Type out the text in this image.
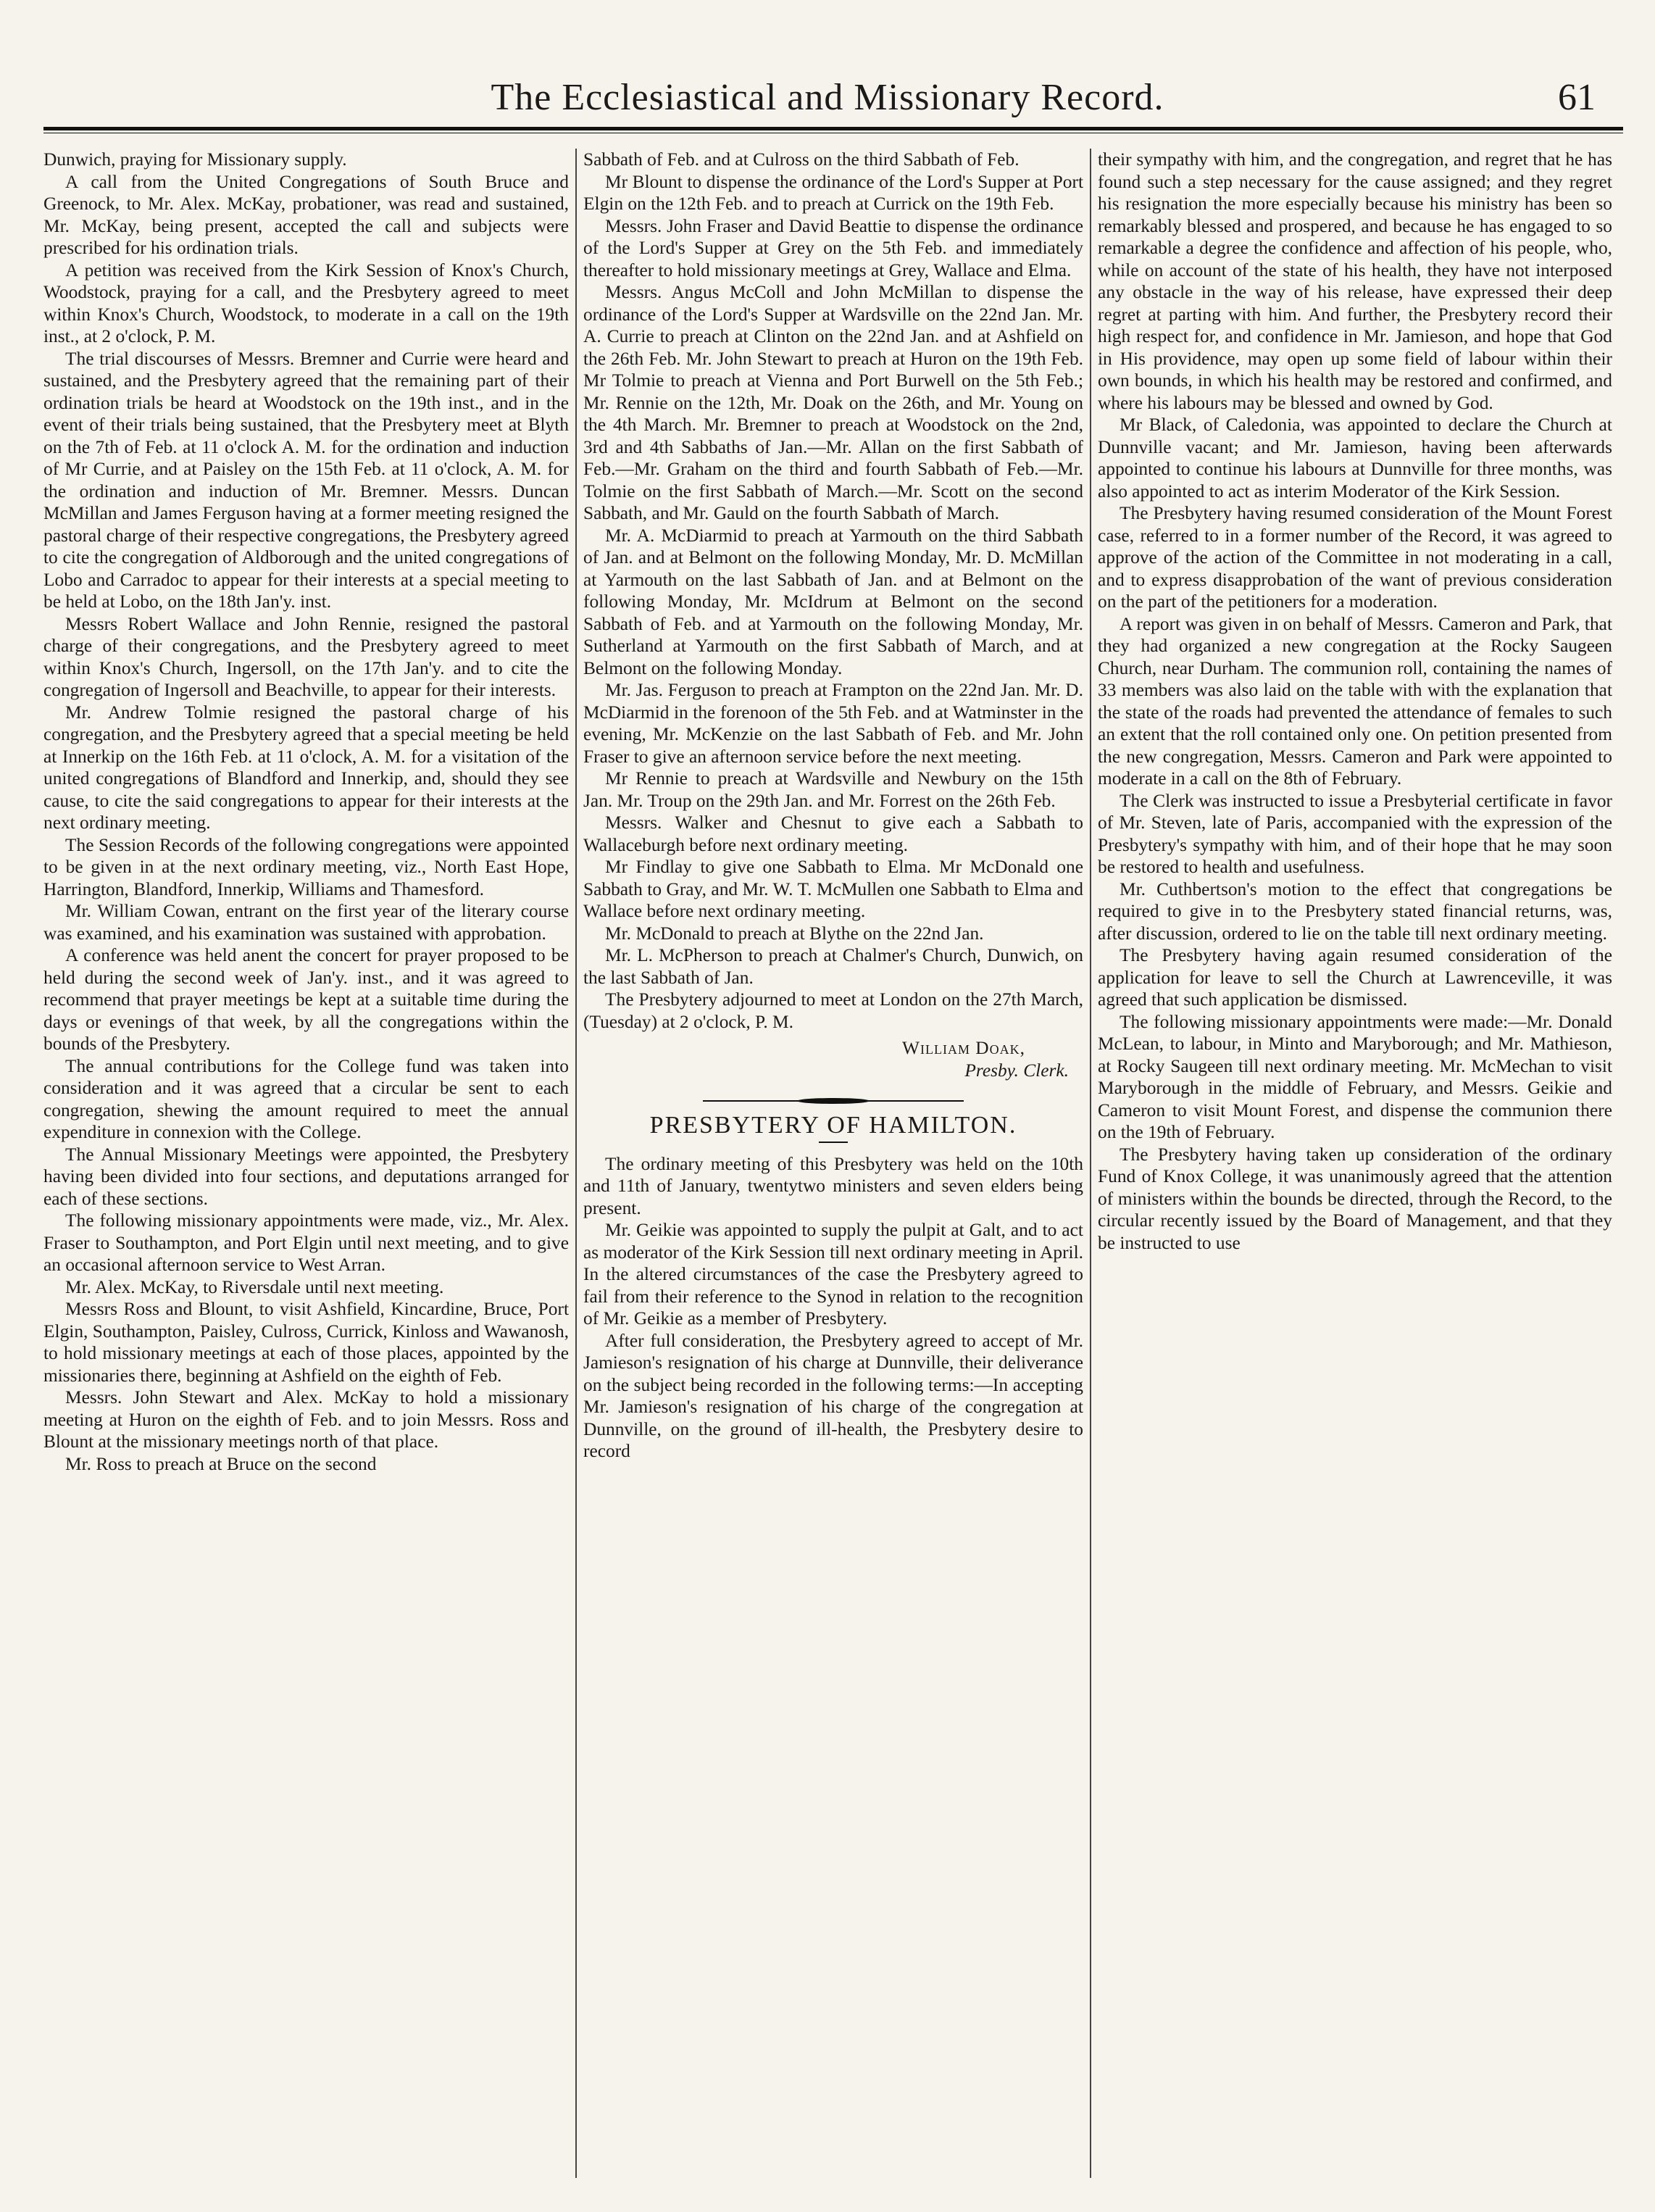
The Ecclesiastical and Missionary Record.	61

Dunwich, praying for Missionary supply.

A call from the United Congregations of South Bruce and Greenock, to Mr. Alex. McKay, probationer, was read and sustained, Mr. McKay, being present, accepted the call and subjects were prescribed for his ordination trials.

A petition was received from the Kirk Session of Knox's Church, Woodstock, praying for a call, and the Presbytery agreed to meet within Knox's Church, Woodstock, to moderate in a call on the 19th inst., at 2 o'clock, P. M.

The trial discourses of Messrs. Bremner and Currie were heard and sustained, and the Presbytery agreed that the remaining part of their ordination trials be heard at Woodstock on the 19th inst., and in the event of their trials being sustained, that the Presbytery meet at Blyth on the 7th of Feb. at 11 o'clock A. M. for the ordination and induction of Mr Currie, and at Paisley on the 15th Feb. at 11 o'clock, A. M. for the ordination and induction of Mr. Bremner. Messrs. Duncan McMillan and James Ferguson having at a former meeting resigned the pastoral charge of their respective congregations, the Presbytery agreed to cite the congregation of Aldborough and the united congregations of Lobo and Carradoc to appear for their interests at a special meeting to be held at Lobo, on the 18th Jan'y. inst.

Messrs Robert Wallace and John Rennie, resigned the pastoral charge of their congregations, and the Presbytery agreed to meet within Knox's Church, Ingersoll, on the 17th Jan'y. and to cite the congregation of Ingersoll and Beachville, to appear for their interests.

Mr. Andrew Tolmie resigned the pastoral charge of his congregation, and the Presbytery agreed that a special meeting be held at Innerkip on the 16th Feb. at 11 o'clock, A. M. for a visitation of the united congregations of Blandford and Innerkip, and, should they see cause, to cite the said congregations to appear for their interests at the next ordinary meeting.

The Session Records of the following congregations were appointed to be given in at the next ordinary meeting, viz., North East Hope, Harrington, Blandford, Innerkip, Williams and Thamesford.

Mr. William Cowan, entrant on the first year of the literary course was examined, and his examination was sustained with approbation.

A conference was held anent the concert for prayer proposed to be held during the second week of Jan'y. inst., and it was agreed to recommend that prayer meetings be kept at a suitable time during the days or evenings of that week, by all the congregations within the bounds of the Presbytery.

The annual contributions for the College fund was taken into consideration and it was agreed that a circular be sent to each congregation, shewing the amount required to meet the annual expenditure in connexion with the College.

The Annual Missionary Meetings were appointed, the Presbytery having been divided into four sections, and deputations arranged for each of these sections.

The following missionary appointments were made, viz., Mr. Alex. Fraser to Southampton, and Port Elgin until next meeting, and to give an occasional afternoon service to West Arran.

Mr. Alex. McKay, to Riversdale until next meeting.

Messrs Ross and Blount, to visit Ashfield, Kincardine, Bruce, Port Elgin, Southampton, Paisley, Culross, Currick, Kinloss and Wawanosh, to hold missionary meetings at each of those places, appointed by the missionaries there, beginning at Ashfield on the eighth of Feb.

Messrs. John Stewart and Alex. McKay to hold a missionary meeting at Huron on the eighth of Feb. and to join Messrs. Ross and Blount at the missionary meetings north of that place.

Mr. Ross to preach at Bruce on the second

Sabbath of Feb. and at Culross on the third Sabbath of Feb.

Mr Blount to dispense the ordinance of the Lord's Supper at Port Elgin on the 12th Feb. and to preach at Currick on the 19th Feb.

Messrs. John Fraser and David Beattie to dispense the ordinance of the Lord's Supper at Grey on the 5th Feb. and immediately thereafter to hold missionary meetings at Grey, Wallace and Elma.

Messrs. Angus McColl and John McMillan to dispense the ordinance of the Lord's Supper at Wardsville on the 22nd Jan. Mr. A. Currie to preach at Clinton on the 22nd Jan. and at Ashfield on the 26th Feb. Mr. John Stewart to preach at Huron on the 19th Feb. Mr Tolmie to preach at Vienna and Port Burwell on the 5th Feb.; Mr. Rennie on the 12th, Mr. Doak on the 26th, and Mr. Young on the 4th March. Mr. Bremner to preach at Woodstock on the 2nd, 3rd and 4th Sabbaths of Jan.—Mr. Allan on the first Sabbath of Feb.—Mr. Graham on the third and fourth Sabbath of Feb.—Mr. Tolmie on the first Sabbath of March.—Mr. Scott on the second Sabbath, and Mr. Gauld on the fourth Sabbath of March.

Mr. A. McDiarmid to preach at Yarmouth on the third Sabbath of Jan. and at Belmont on the following Monday, Mr. D. McMillan at Yarmouth on the last Sabbath of Jan. and at Belmont on the following Monday, Mr. McIdrum at Belmont on the second Sabbath of Feb. and at Yarmouth on the following Monday, Mr. Sutherland at Yarmouth on the first Sabbath of March, and at Belmont on the following Monday.

Mr. Jas. Ferguson to preach at Frampton on the 22nd Jan. Mr. D. McDiarmid in the forenoon of the 5th Feb. and at Watminster in the evening, Mr. McKenzie on the last Sabbath of Feb. and Mr. John Fraser to give an afternoon service before the next meeting.

Mr Rennie to preach at Wardsville and Newbury on the 15th Jan. Mr. Troup on the 29th Jan. and Mr. Forrest on the 26th Feb.

Messrs. Walker and Chesnut to give each a Sabbath to Wallaceburgh before next ordinary meeting.

Mr Findlay to give one Sabbath to Elma. Mr McDonald one Sabbath to Gray, and Mr. W. T. McMullen one Sabbath to Elma and Wallace before next ordinary meeting.

Mr. McDonald to preach at Blythe on the 22nd Jan.

Mr. L. McPherson to preach at Chalmer's Church, Dunwich, on the last Sabbath of Jan.

The Presbytery adjourned to meet at London on the 27th March, (Tuesday) at 2 o'clock, P. M.

William Doak,
Presby. Clerk.
PRESBYTERY OF HAMILTON.

The ordinary meeting of this Presbytery was held on the 10th and 11th of January, twentytwo ministers and seven elders being present.

Mr. Geikie was appointed to supply the pulpit at Galt, and to act as moderator of the Kirk Session till next ordinary meeting in April. In the altered circumstances of the case the Presbytery agreed to fail from their reference to the Synod in relation to the recognition of Mr. Geikie as a member of Presbytery.

After full consideration, the Presbytery agreed to accept of Mr. Jamieson's resignation of his charge at Dunnville, their deliverance on the subject being recorded in the following terms:—In accepting Mr. Jamieson's resignation of his charge of the congregation at Dunnville, on the ground of ill-health, the Presbytery desire to record

their sympathy with him, and the congregation, and regret that he has found such a step necessary for the cause assigned; and they regret his resignation the more especially because his ministry has been so remarkably blessed and prospered, and because he has engaged to so remarkable a degree the confidence and affection of his people, who, while on account of the state of his health, they have not interposed any obstacle in the way of his release, have expressed their deep regret at parting with him. And further, the Presbytery record their high respect for, and confidence in Mr. Jamieson, and hope that God in His providence, may open up some field of labour within their own bounds, in which his health may be restored and confirmed, and where his labours may be blessed and owned by God.

Mr Black, of Caledonia, was appointed to declare the Church at Dunnville vacant; and Mr. Jamieson, having been afterwards appointed to continue his labours at Dunnville for three months, was also appointed to act as interim Moderator of the Kirk Session.

The Presbytery having resumed consideration of the Mount Forest case, referred to in a former number of the Record, it was agreed to approve of the action of the Committee in not moderating in a call, and to express disapprobation of the want of previous consideration on the part of the petitioners for a moderation.

A report was given in on behalf of Messrs. Cameron and Park, that they had organized a new congregation at the Rocky Saugeen Church, near Durham. The communion roll, containing the names of 33 members was also laid on the table with with the explanation that the state of the roads had prevented the attendance of females to such an extent that the roll contained only one. On petition presented from the new congregation, Messrs. Cameron and Park were appointed to moderate in a call on the 8th of February.

The Clerk was instructed to issue a Presbyterial certificate in favor of Mr. Steven, late of Paris, accompanied with the expression of the Presbytery's sympathy with him, and of their hope that he may soon be restored to health and usefulness.

Mr. Cuthbertson's motion to the effect that congregations be required to give in to the Presbytery stated financial returns, was, after discussion, ordered to lie on the table till next ordinary meeting.

The Presbytery having again resumed consideration of the application for leave to sell the Church at Lawrenceville, it was agreed that such application be dismissed.

The following missionary appointments were made:—Mr. Donald McLean, to labour, in Minto and Maryborough; and Mr. Mathieson, at Rocky Saugeen till next ordinary meeting. Mr. McMechan to visit Maryborough in the middle of February, and Messrs. Geikie and Cameron to visit Mount Forest, and dispense the communion there on the 19th of February.

The Presbytery having taken up consideration of the ordinary Fund of Knox College, it was unanimously agreed that the attention of ministers within the bounds be directed, through the Record, to the circular recently issued by the Board of Management, and that they be instructed to use
